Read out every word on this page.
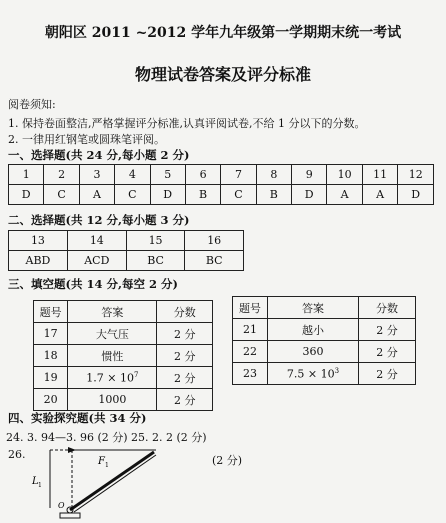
朝阳区 2011 ~2012 学年九年级第一学期期末统一考试
物理试卷答案及评分标准
阅卷须知:
1. 保持卷面整洁,严格掌握评分标准,认真评阅试卷,不给 1 分以下的分数。
2. 一律用红钢笔或圆珠笔评阅。
一、选择题(共 24 分,每小题 2 分)
1	2	3	4	5	6	7	8	9	10	11	12
D	C	A	C	D	B	C	B	D	A	A	D
二、选择题(共 12 分,每小题 3 分)
13	14	15	16
ABD	ACD	BC	BC
三、填空题(共 14 分,每空 2 分)
题号	答案	分数
17	大气压	2 分
18	惯性	2 分
19	$1.7 \times 10^7$	2 分
20	1000	2 分
题号	答案	分数
21	越小	2 分
22	360	2 分
23	$7.5 \times 10^3$	2 分
四、实验探究题(共 34 分)
24. 3. 94—3. 96 (2 分) 25. 2. 2 (2 分)
26.	(2 分)
F 1
L 1
O
